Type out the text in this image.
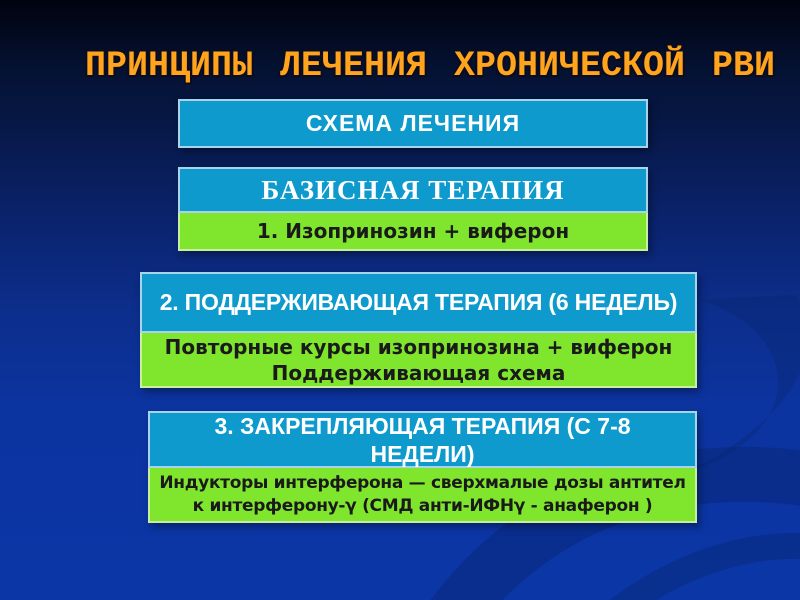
ПРИНЦИПЫ ЛЕЧЕНИЯ ХРОНИЧЕСКОЙ РВИ
СХЕМА ЛЕЧЕНИЯ
БАЗИСНАЯ ТЕРАПИЯ
1. Изопринозин + виферон
2. ПОДДЕРЖИВАЮЩАЯ ТЕРАПИЯ (6 НЕДЕЛЬ)
Повторные курсы изопринозина + виферон
Поддерживающая схема
3. ЗАКРЕПЛЯЮЩАЯ ТЕРАПИЯ (С 7-8
НЕДЕЛИ)
Индукторы интерферона — сверхмалые дозы антител
к интерферону-γ (СМД анти-ИФНγ - анаферон )
